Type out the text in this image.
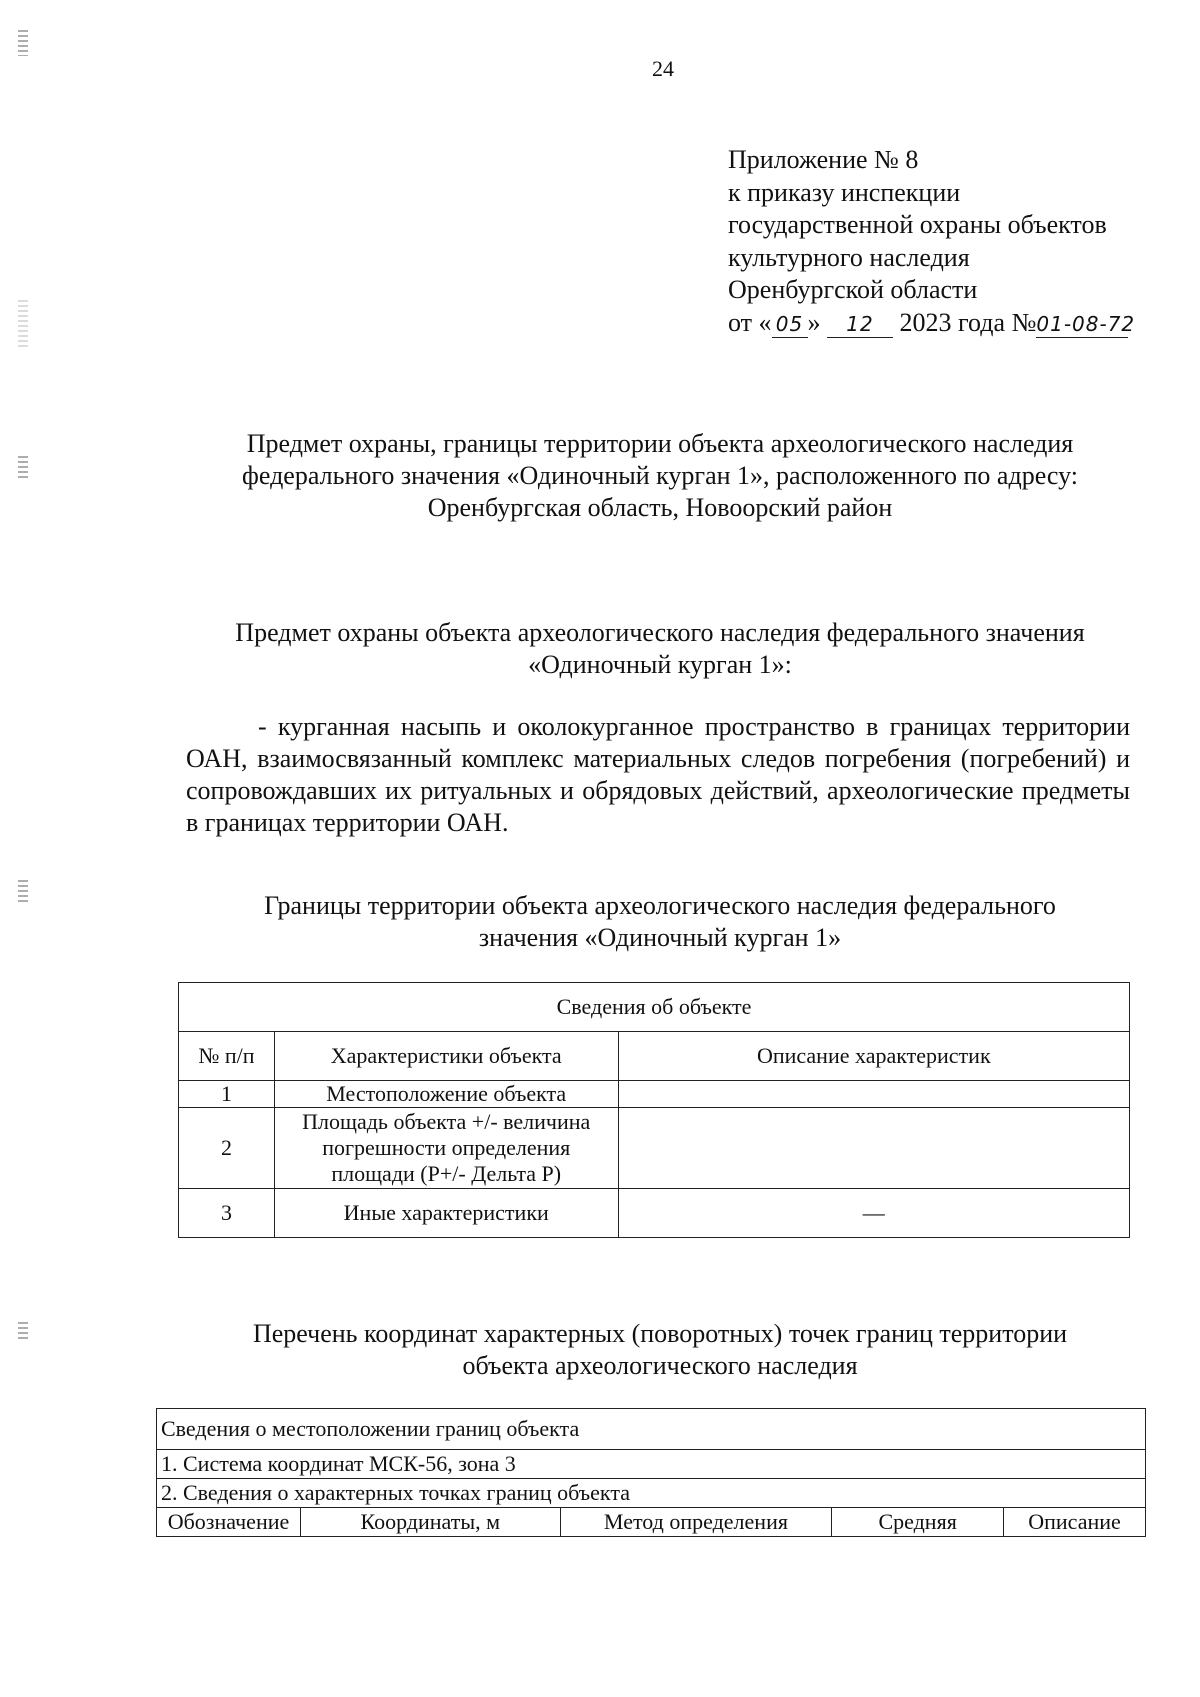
24
Приложение № 8
к приказу инспекции
государственной охраны объектов
культурного наследия
Оренбургской области
от « 05 » 12 2023 года №01-08-72
Предмет охраны, границы территории объекта археологического наследия
федерального значения «Одиночный курган 1», расположенного по адресу:
Оренбургская область, Новоорский район
Предмет охраны объекта археологического наследия федерального значения
«Одиночный курган 1»:
- курганная насыпь и околокурганное пространство в границах территории ОАН, взаимосвязанный комплекс материальных следов погребения (погребений) и сопровождавших их ритуальных и обрядовых действий, археологические предметы в границах территории ОАН.
Границы территории объекта археологического наследия федерального
значения «Одиночный курган 1»
Сведения об объекте		
№ п/п	Характеристики объекта	Описание характеристик
1	Местоположение объекта	
2	Площадь объекта +/- величина погрешности определения площади (Р+/- Дельта Р)	
3	Иные характеристики	—
Перечень координат характерных (поворотных) точек границ территории
объекта археологического наследия
Сведения о местоположении границ объекта
1. Система координат МСК-56, зона 3
2. Сведения о характерных точках границ объекта
Обозначение	Координаты, м	Метод определения	Средняя	Описание
